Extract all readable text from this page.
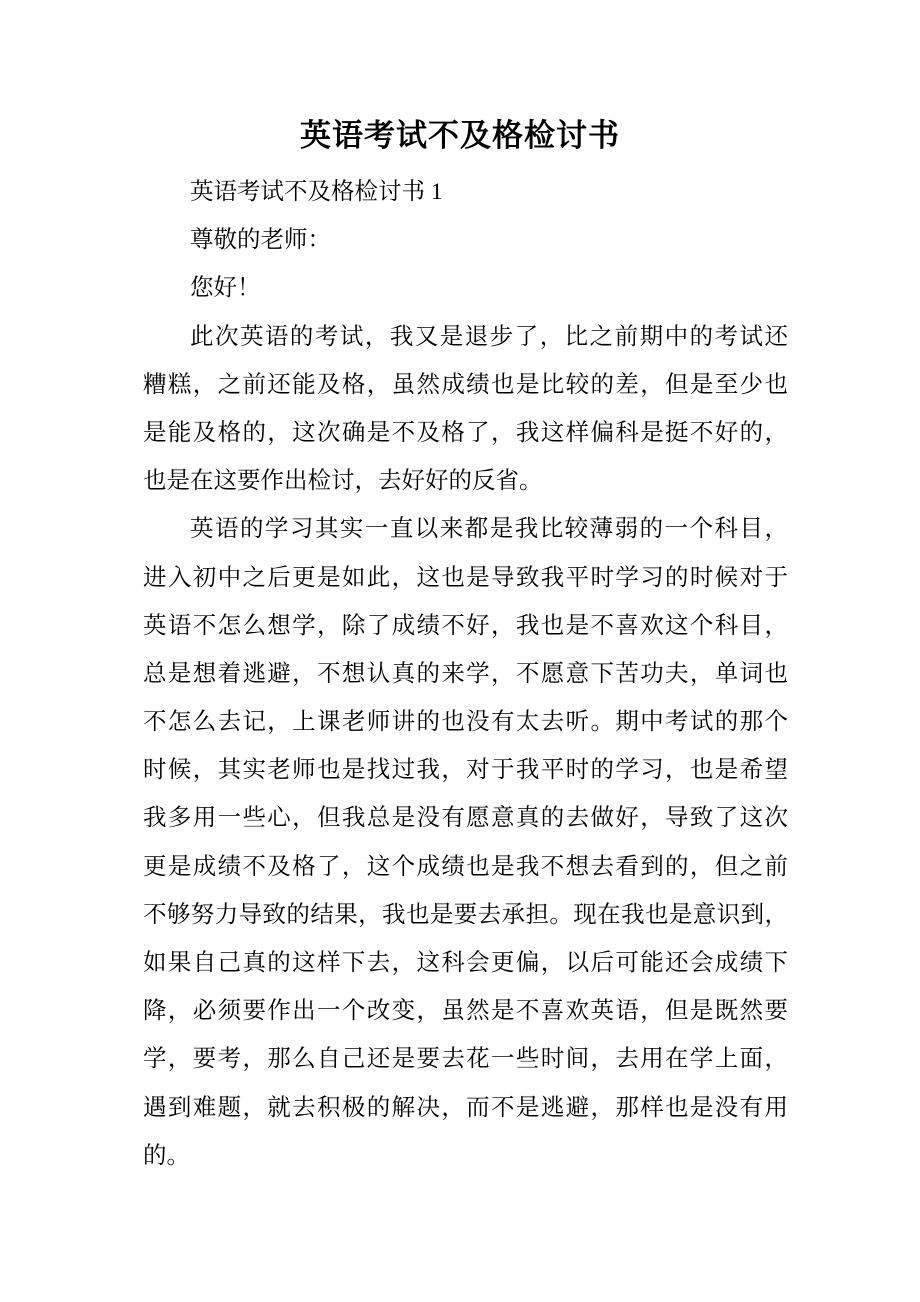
英语考试不及格检讨书
英语考试不及格检讨书 1
尊敬的老师：
您好！
此次英语的考试，我又是退步了，比之前期中的考试还
糟糕，之前还能及格，虽然成绩也是比较的差，但是至少也
是能及格的，这次确是不及格了，我这样偏科是挺不好的，
也是在这要作出检讨，去好好的反省。
英语的学习其实一直以来都是我比较薄弱的一个科目，
进入初中之后更是如此，这也是导致我平时学习的时候对于
英语不怎么想学，除了成绩不好，我也是不喜欢这个科目，
总是想着逃避，不想认真的来学，不愿意下苦功夫，单词也
不怎么去记，上课老师讲的也没有太去听。期中考试的那个
时候，其实老师也是找过我，对于我平时的学习，也是希望
我多用一些心，但我总是没有愿意真的去做好，导致了这次
更是成绩不及格了，这个成绩也是我不想去看到的，但之前
不够努力导致的结果，我也是要去承担。现在我也是意识到，
如果自己真的这样下去，这科会更偏，以后可能还会成绩下
降，必须要作出一个改变，虽然是不喜欢英语，但是既然要
学，要考，那么自己还是要去花一些时间，去用在学上面，
遇到难题，就去积极的解决，而不是逃避，那样也是没有用
的。
